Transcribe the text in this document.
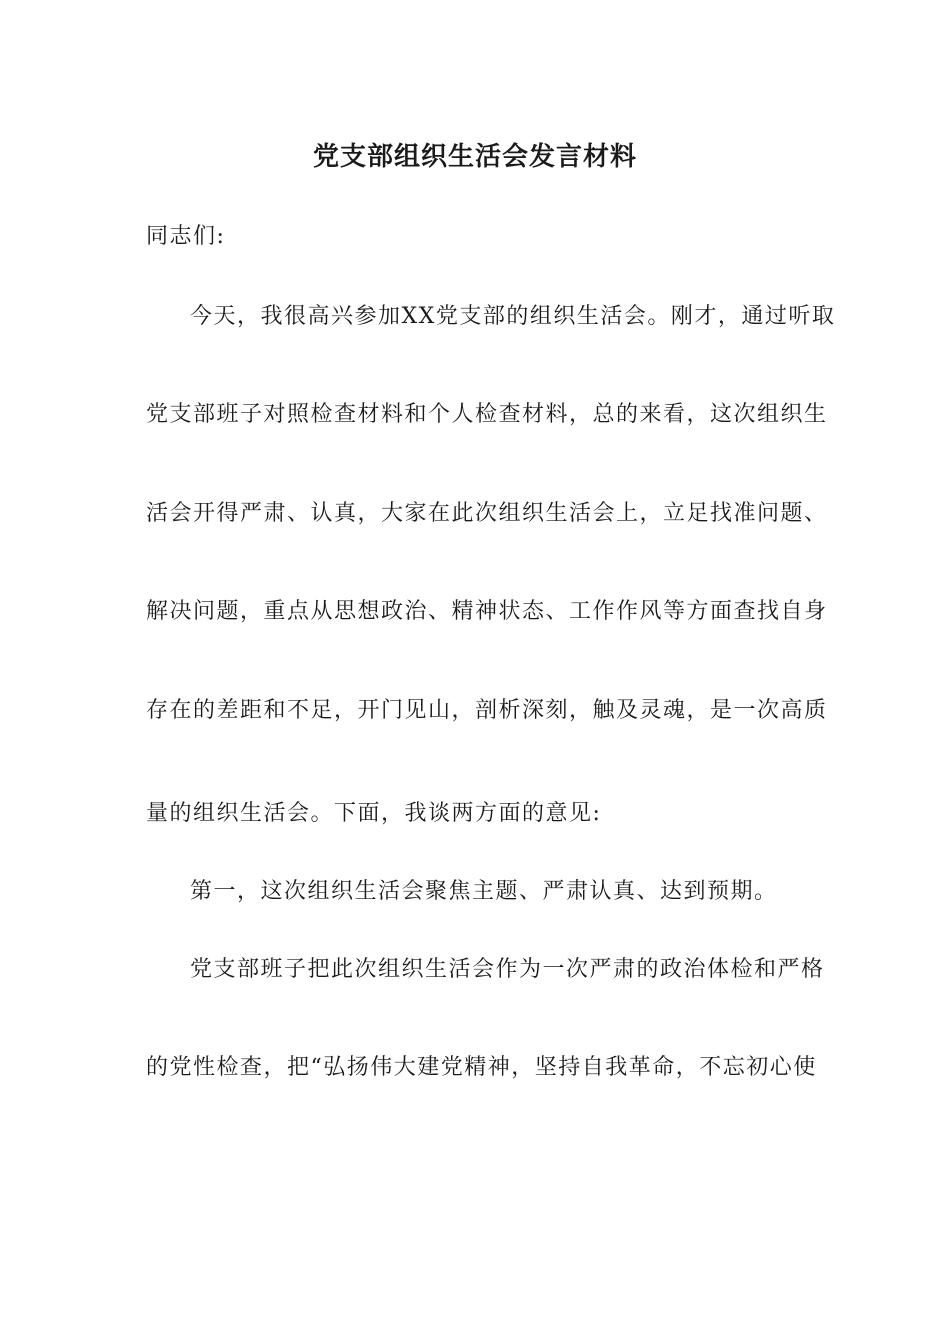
党支部组织生活会发言材料
同志们:
今天，我很高兴参加XX党支部的组织生活会。刚才，通过听取
党支部班子对照检查材料和个人检查材料，总的来看，这次组织生
活会开得严肃、认真，大家在此次组织生活会上，立足找准问题、
解决问题，重点从思想政治、精神状态、工作作风等方面查找自身
存在的差距和不足，开门见山，剖析深刻，触及灵魂，是一次高质
量的组织生活会。下面，我谈两方面的意见:
第一，这次组织生活会聚焦主题、严肃认真、达到预期。
党支部班子把此次组织生活会作为一次严肃的政治体检和严格
的党性检查，把“弘扬伟大建党精神，坚持自我革命，不忘初心使
